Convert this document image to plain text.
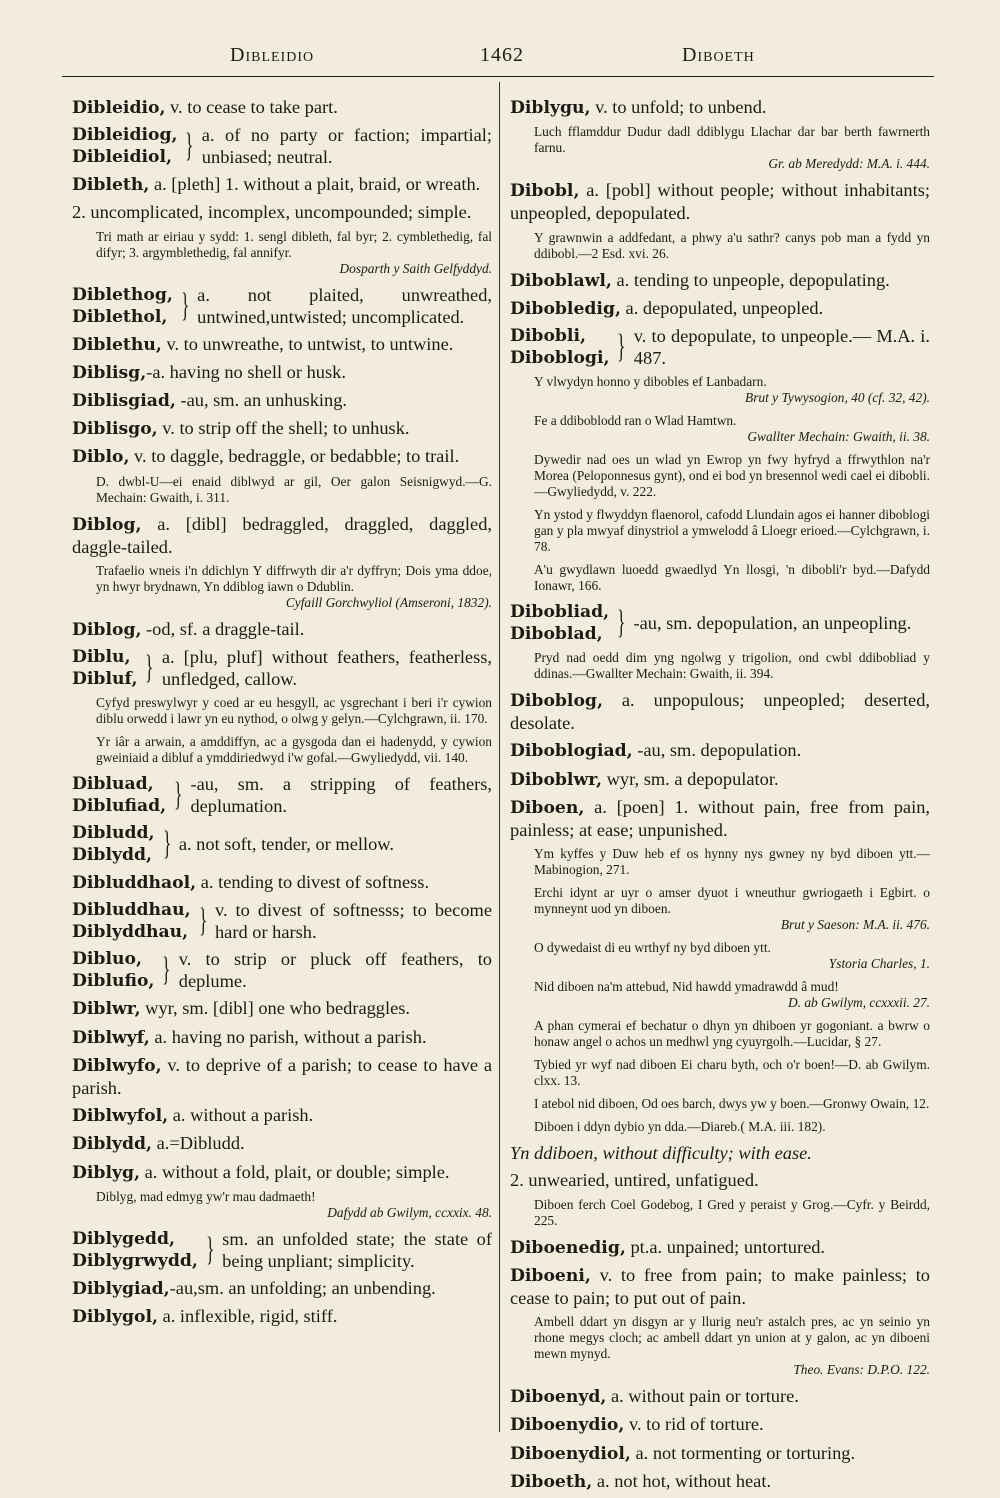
Dibleidio	1462	Diboeth
Dibleidio, v. to cease to take part.
Dibleidiog,
Dibleidiol, } a. of no party or faction; impartial; unbiased; neutral.
Dibleth, a. [pleth] 1. without a plait, braid, or wreath.
2. uncomplicated, incomplex, uncompounded; simple.
Tri math ar eiriau y sydd: 1. sengl dibleth, fal byr; 2. cymblethedig, fal difyr; 3. argymblethedig, fal annifyr.
Dosparth y Saith Gelfyddyd.
Diblethog,
Diblethol, } a. not plaited, unwreathed, untwined,untwisted; uncomplicated.
Diblethu, v. to unwreathe, to untwist, to untwine.
Diblisg,-a. having no shell or husk.
Diblisgiad, -au, sm. an unhusking.
Diblisgo, v. to strip off the shell; to unhusk.
Diblo, v. to daggle, bedraggle, or bedabble; to trail.
D. dwbl-U—ei enaid diblwyd ar gil, Oer galon Seisnigwyd.—G. Mechain: Gwaith, i. 311.
Diblog, a. [dibl] bedraggled, draggled, daggled, daggle-tailed.
Trafaelio wneis i'n ddichlyn Y diffrwyth dir a'r dyffryn; Dois yma ddoe, yn hwyr brydnawn, Yn ddiblog iawn o Ddublin.
Cyfaill Gorchwyliol (Amseroni, 1832).
Diblog, -od, sf. a draggle-tail.
Diblu,
Dibluf, } a. [plu, pluf] without feathers, featherless, unfledged, callow.
Cyfyd preswylwyr y coed ar eu hesgyll, ac ysgrechant i beri i'r cywion diblu orwedd i lawr yn eu nythod, o olwg y gelyn.—Cylchgrawn, ii. 170.
Yr iâr a arwain, a amddiffyn, ac a gysgoda dan ei hadenydd, y cywion gweiniaid a dibluf a ymddiriedwyd i'w gofal.—Gwyliedydd, vii. 140.
Dibluad,
Diblufiad, } -au, sm. a stripping of feathers, deplumation.
Dibludd,
Diblydd, } a. not soft, tender, or mellow.
Dibluddhaol, a. tending to divest of softness.
Dibluddhau,
Diblyddhau, } v. to divest of softnesss; to become hard or harsh.
Dibluo,
Diblufio, } v. to strip or pluck off feathers, to deplume.
Diblwr, wyr, sm. [dibl] one who bedraggles.
Diblwyf, a. having no parish, without a parish.
Diblwyfo, v. to deprive of a parish; to cease to have a parish.
Diblwyfol, a. without a parish.
Diblydd, a.=Dibludd.
Diblyg, a. without a fold, plait, or double; simple.
Diblyg, mad edmyg yw'r mau dadmaeth!
Dafydd ab Gwilym, ccxxix. 48.
Diblygedd,
Diblygrwydd, } sm. an unfolded state; the state of being unpliant; simplicity.
Diblygiad,-au,sm. an unfolding; an unbending.
Diblygol, a. inflexible, rigid, stiff.
Diblygu, v. to unfold; to unbend.
Luch fflamddur Dudur dadl ddiblygu Llachar dar bar berth fawrnerth farnu.
Gr. ab Meredydd: M.A. i. 444.
Dibobl, a. [pobl] without people; without inhabitants; unpeopled, depopulated.
Y grawnwin a addfedant, a phwy a'u sathr? canys pob man a fydd yn ddibobl.—2 Esd. xvi. 26.
Diboblawl, a. tending to unpeople, depopulating.
Dibobledig, a. depopulated, unpeopled.
Dibobli,
Diboblogi, } v. to depopulate, to unpeople.— M.A. i. 487.
Y vlwydyn honno y dibobles ef Lanbadarn.
Brut y Tywysogion, 40 (cf. 32, 42).
Fe a ddiboblodd ran o Wlad Hamtwn.
Gwallter Mechain: Gwaith, ii. 38.
Dywedir nad oes un wlad yn Ewrop yn fwy hyfryd a ffrwythlon na'r Morea (Peloponnesus gynt), ond ei bod yn bresennol wedi cael ei dibobli.—Gwyliedydd, v. 222.
Yn ystod y flwyddyn flaenorol, cafodd Llundain agos ei hanner diboblogi gan y pla mwyaf dinystriol a ymwelodd â Lloegr erioed.—Cylchgrawn, i. 78.
A'u gwydlawn luoedd gwaedlyd Yn llosgi, 'n dibobli'r byd.—Dafydd Ionawr, 166.
Dibobliad,
Diboblad, } -au, sm. depopulation, an unpeopling.
Pryd nad oedd dim yng ngolwg y trigolion, ond cwbl ddibobliad y ddinas.—Gwallter Mechain: Gwaith, ii. 394.
Diboblog, a. unpopulous; unpeopled; deserted, desolate.
Diboblogiad, -au, sm. depopulation.
Diboblwr, wyr, sm. a depopulator.
Diboen, a. [poen] 1. without pain, free from pain, painless; at ease; unpunished.
Ym kyffes y Duw heb ef os hynny nys gwney ny byd diboen ytt.—Mabinogion, 271.
Erchi idynt ar uyr o amser dyuot i wneuthur gwriogaeth i Egbirt. o mynneynt uod yn diboen.
Brut y Saeson: M.A. ii. 476.
O dywedaist di eu wrthyf ny byd diboen ytt.
Ystoria Charles, 1.
Nid diboen na'm attebud, Nid hawdd ymadrawdd â mud!
D. ab Gwilym, ccxxxii. 27.
A phan cymerai ef bechatur o dhyn yn dhiboen yr gogoniant. a bwrw o honaw angel o achos un medhwl yng cyuyrgolh.—Lucidar, § 27.
Tybied yr wyf nad diboen Ei charu byth, och o'r boen!—D. ab Gwilym. clxx. 13.
I atebol nid diboen, Od oes barch, dwys yw y boen.—Gronwy Owain, 12.
Diboen i ddyn dybio yn dda.—Diareb.( M.A. iii. 182).
Yn ddiboen, without difficulty; with ease.
2. unwearied, untired, unfatigued.
Diboen ferch Coel Godebog, I Gred y peraist y Grog.—Cyfr. y Beirdd, 225.
Diboenedig, pt.a. unpained; untortured.
Diboeni, v. to free from pain; to make painless; to cease to pain; to put out of pain.
Ambell ddart yn disgyn ar y llurig neu'r astalch pres, ac yn seinio yn rhone megys cloch; ac ambell ddart yn union at y galon, ac yn diboeni mewn mynyd.
Theo. Evans: D.P.O. 122.
Diboenyd, a. without pain or torture.
Diboenydio, v. to rid of torture.
Diboenydiol, a. not tormenting or torturing.
Diboeth, a. not hot, without heat.
